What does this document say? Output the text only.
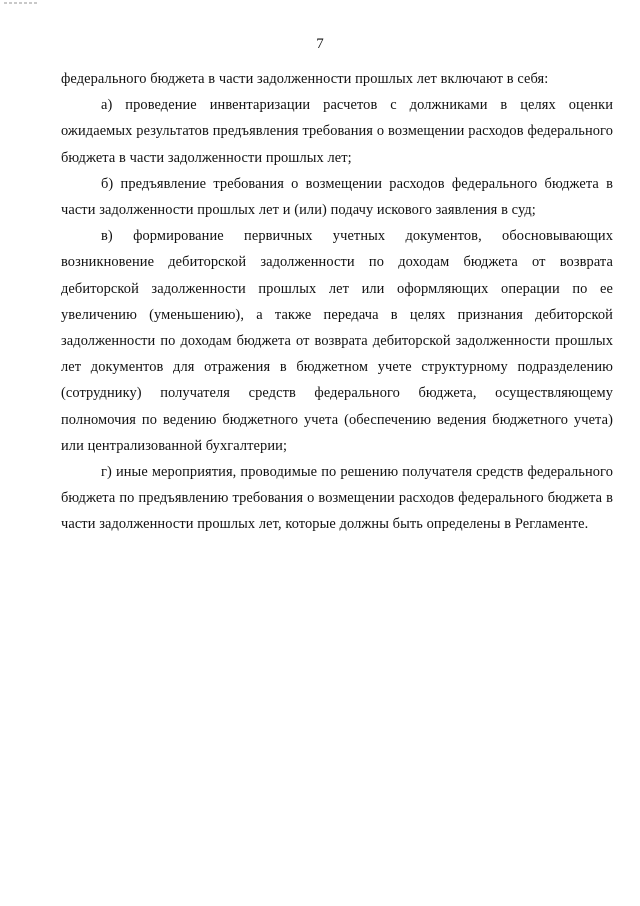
7

федерального бюджета в части задолженности прошлых лет включают в себя:

а) проведение инвентаризации расчетов с должниками в целях оценки ожидаемых результатов предъявления требования о возмещении расходов федерального бюджета в части задолженности прошлых лет;

б) предъявление требования о возмещении расходов федерального бюджета в части задолженности прошлых лет и (или) подачу искового заявления в суд;

в) формирование первичных учетных документов, обосновывающих возникновение дебиторской задолженности по доходам бюджета от возврата дебиторской задолженности прошлых лет или оформляющих операции по ее увеличению (уменьшению), а также передача в целях признания дебиторской задолженности по доходам бюджета от возврата дебиторской задолженности прошлых лет документов для отражения в бюджетном учете структурному подразделению (сотруднику) получателя средств федерального бюджета, осуществляющему полномочия по ведению бюджетного учета (обеспечению ведения бюджетного учета) или централизованной бухгалтерии;

г) иные мероприятия, проводимые по решению получателя средств федерального бюджета по предъявлению требования о возмещении расходов федерального бюджета в части задолженности прошлых лет, которые должны быть определены в Регламенте.
